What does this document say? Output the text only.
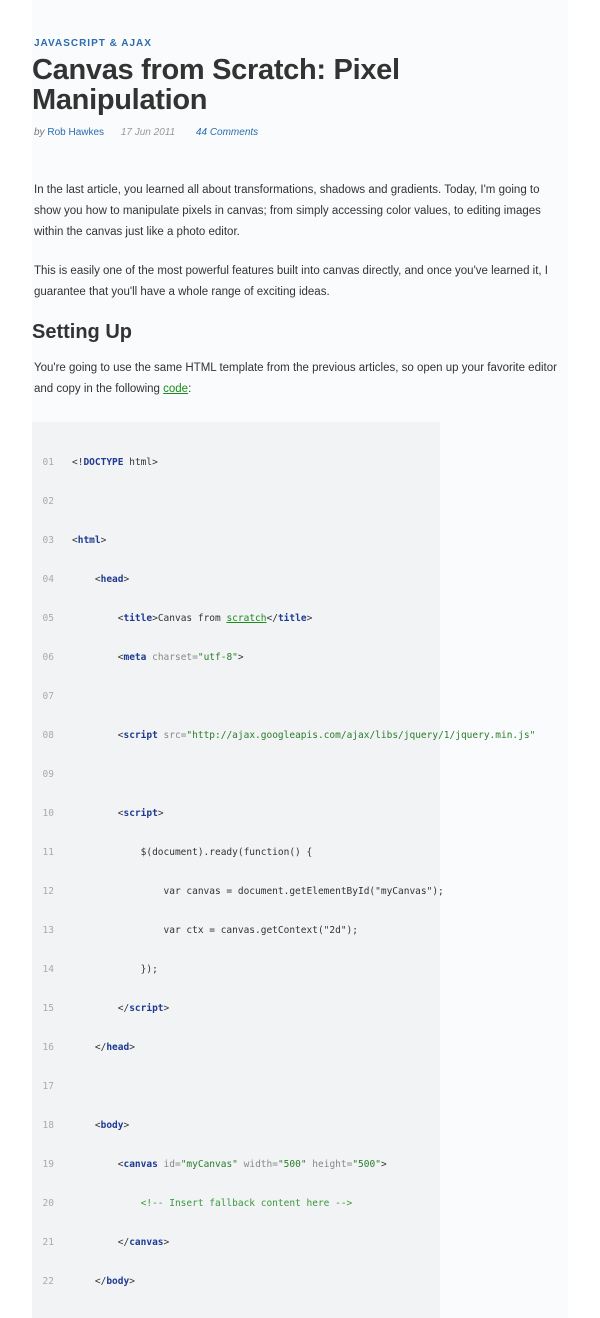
JAVASCRIPT & AJAX
Canvas from Scratch: Pixel
Manipulation
by Rob Hawkes 17 Jun 2011 44 Comments

In the last article, you learned all about transformations, shadows and gradients. Today, I'm going to show you how to manipulate pixels in canvas; from simply accessing color values, to editing images within the canvas just like a photo editor.

This is easily one of the most powerful features built into canvas directly, and once you've learned it, I guarantee that you'll have a whole range of exciting ideas.

Setting Up

You're going to use the same HTML template from the previous articles, so open up your favorite editor and copy in the following code:

01	<!DOCTYPE html>

02

03	<html>

04	<head>

05	<title>Canvas from scratch</title>

06	<meta charset="utf-8">

07

08	<script src="http://ajax.googleapis.com/ajax/libs/jquery/1/jquery.min.js"

09

10	<script>

11	$(document).ready(function() {

12	var canvas = document.getElementById("myCanvas");

13	var ctx = canvas.getContext("2d");

14	});

15	</script>

16	</head>

17

18	<body>

19	<canvas id="myCanvas" width="500" height="500">

20	<!-- Insert fallback content here -->

21	</canvas>

22	</body>
